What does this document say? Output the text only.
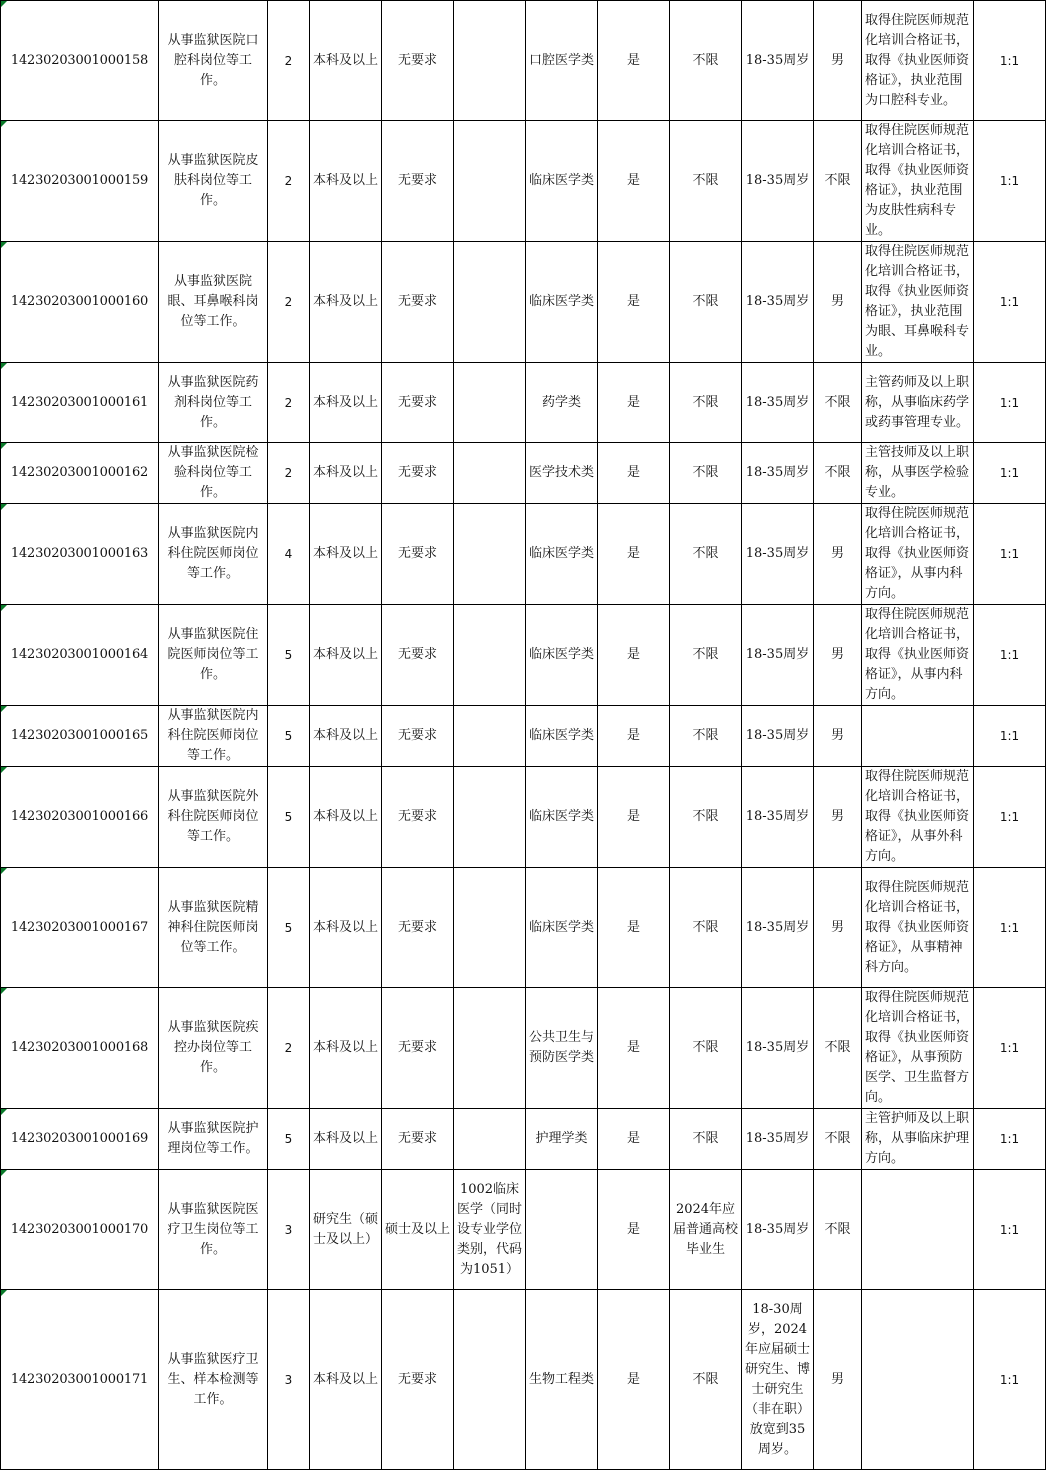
14230203001000158	从事监狱医院口腔科岗位等工作。	2	本科及以上	无要求		口腔医学类	是	不限	18-35周岁	男	取得住院医师规范化培训合格证书，取得《执业医师资格证》，执业范围为口腔科专业。	1:1
14230203001000159	从事监狱医院皮肤科岗位等工作。	2	本科及以上	无要求		临床医学类	是	不限	18-35周岁	不限	取得住院医师规范化培训合格证书，取得《执业医师资格证》，执业范围为皮肤性病科专业。	1:1
14230203001000160	从事监狱医院眼、耳鼻喉科岗位等工作。	2	本科及以上	无要求		临床医学类	是	不限	18-35周岁	男	取得住院医师规范化培训合格证书，取得《执业医师资格证》，执业范围为眼、耳鼻喉科专业。	1:1
14230203001000161	从事监狱医院药剂科岗位等工作。	2	本科及以上	无要求		药学类	是	不限	18-35周岁	不限	主管药师及以上职称，从事临床药学或药事管理专业。	1:1
14230203001000162	从事监狱医院检验科岗位等工作。	2	本科及以上	无要求		医学技术类	是	不限	18-35周岁	不限	主管技师及以上职称，从事医学检验专业。	1:1
14230203001000163	从事监狱医院内科住院医师岗位等工作。	4	本科及以上	无要求		临床医学类	是	不限	18-35周岁	男	取得住院医师规范化培训合格证书，取得《执业医师资格证》，从事内科方向。	1:1
14230203001000164	从事监狱医院住院医师岗位等工作。	5	本科及以上	无要求		临床医学类	是	不限	18-35周岁	男	取得住院医师规范化培训合格证书，取得《执业医师资格证》，从事内科方向。	1:1
14230203001000165	从事监狱医院内科住院医师岗位等工作。	5	本科及以上	无要求		临床医学类	是	不限	18-35周岁	男		1:1
14230203001000166	从事监狱医院外科住院医师岗位等工作。	5	本科及以上	无要求		临床医学类	是	不限	18-35周岁	男	取得住院医师规范化培训合格证书，取得《执业医师资格证》，从事外科方向。	1:1
14230203001000167	从事监狱医院精神科住院医师岗位等工作。	5	本科及以上	无要求		临床医学类	是	不限	18-35周岁	男	取得住院医师规范化培训合格证书，取得《执业医师资格证》，从事精神科方向。	1:1
14230203001000168	从事监狱医院疾控办岗位等工作。	2	本科及以上	无要求		公共卫生与预防医学类	是	不限	18-35周岁	不限	取得住院医师规范化培训合格证书，取得《执业医师资格证》，从事预防医学、卫生监督方向。	1:1
14230203001000169	从事监狱医院护理岗位等工作。	5	本科及以上	无要求		护理学类	是	不限	18-35周岁	不限	主管护师及以上职称，从事临床护理方向。	1:1
14230203001000170	从事监狱医院医疗卫生岗位等工作。	3	研究生（硕士及以上）	硕士及以上	1002临床医学（同时设专业学位类别，代码为1051）		是	2024年应届普通高校毕业生	18-35周岁	不限		1:1
14230203001000171	从事监狱医疗卫生、样本检测等工作。	3	本科及以上	无要求		生物工程类	是	不限	18-30周岁，2024年应届硕士研究生、博士研究生（非在职）放宽到35周岁。	男		1:1
